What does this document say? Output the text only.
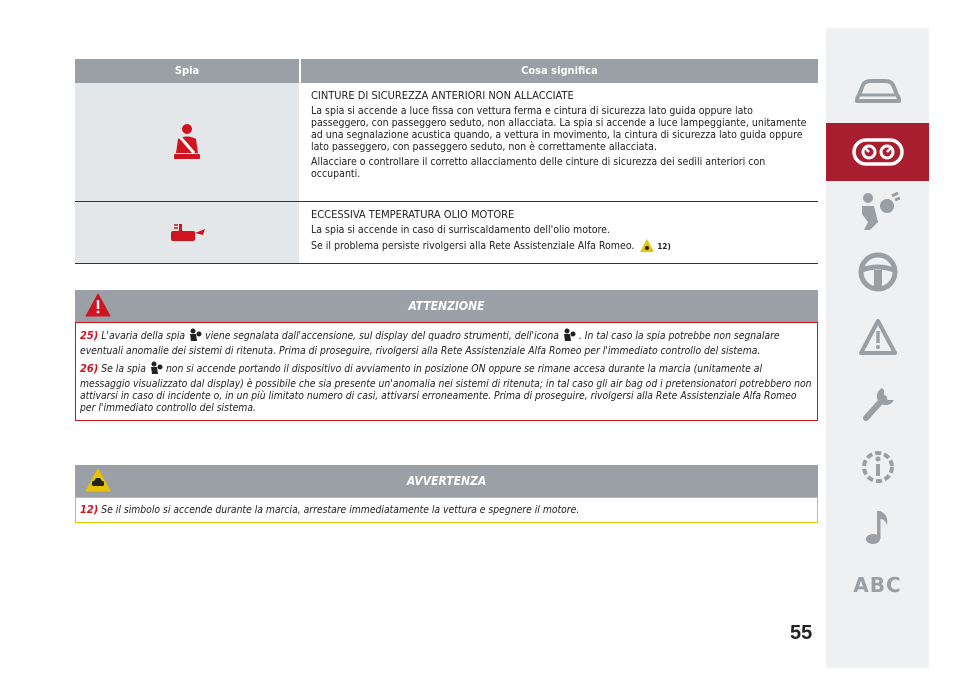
Spia	Cosa significa

CINTURE DI SICUREZZA ANTERIORI NON ALLACCIATE

La spia si accende a luce fissa con vettura ferma e cintura di sicurezza lato guida oppure lato passeggero, con passeggero seduto, non allacciata. La spia si accende a luce lampeggiante, unitamente ad una segnalazione acustica quando, a vettura in movimento, la cintura di sicurezza lato guida oppure lato passeggero, con passeggero seduto, non è correttamente allacciata.

Allacciare o controllare il corretto allacciamento delle cinture di sicurezza dei sedili anteriori con occupanti.

ECCESSIVA TEMPERATURA OLIO MOTORE

La spia si accende in caso di surriscaldamento dell'olio motore.

Se il problema persiste rivolgersi alla Rete Assistenziale Alfa Romeo.	12)

ATTENZIONE

25) L'avaria della spia viene segnalata dall'accensione, sul display del quadro strumenti, dell'icona . In tal caso la spia potrebbe non segnalare eventuali anomalie dei sistemi di ritenuta. Prima di proseguire, rivolgersi alla Rete Assistenziale Alfa Romeo per l'immediato controllo del sistema.

26) Se la spia non si accende portando il dispositivo di avviamento in posizione ON oppure se rimane accesa durante la marcia (unitamente al messaggio visualizzato dal display) è possibile che sia presente un'anomalia nei sistemi di ritenuta; in tal caso gli air bag od i pretensionatori potrebbero non attivarsi in caso di incidente o, in un più limitato numero di casi, attivarsi erroneamente. Prima di proseguire, rivolgersi alla Rete Assistenziale Alfa Romeo per l'immediato controllo del sistema.

AVVERTENZA

12) Se il simbolo si accende durante la marcia, arrestare immediatamente la vettura e spegnere il motore.

ABC
55
